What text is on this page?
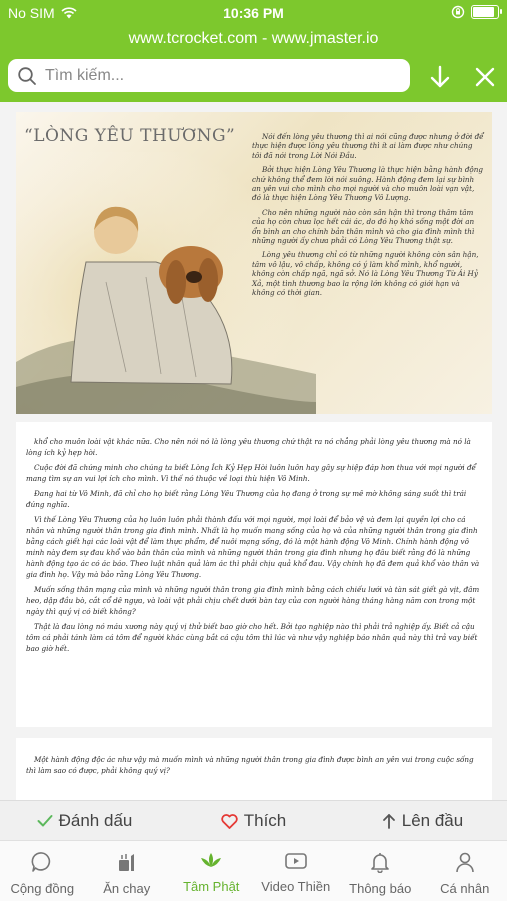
No SIM	10:36 PM
www.tcrocket.com - www.jmaster.io
Tìm kiếm...
“LÒNG YÊU THƯƠNG”	Nói đến lòng yêu thương thì ai nói cũng được nhưng ở đời để thực hiện được lòng yêu thương thì ít ai làm được như chúng tôi đã nói trong Lời Nói Đầu.

Bởi thực hiện Lòng Yêu Thương là thực hiện bằng hành động chứ không thể đem lời nói suông. Hành động đem lại sự bình an yên vui cho mình cho mọi người và cho muôn loài vạn vật, đó là thực hiện Lòng Yêu Thương Vô Lượng.

Cho nên những người nào còn sân hận thì trong thâm tâm của họ còn chưa lọc hết cái ác, do đó họ khó sống một đời an ổn bình an cho chính bản thân mình và cho gia đình mình thì những người ấy chưa phải có Lòng Yêu Thương thật sự.

Lòng yêu thương chỉ có từ những người không còn sân hận, tâm vô lậu, vô chấp, không có ý làm khổ mình, khổ người, không còn chấp ngã, ngã sở. Nó là Lòng Yêu Thương Từ Ái Hỷ Xả, một tình thương bao la rộng lớn không có giới hạn và không có thời gian.

khổ cho muôn loài vật khác nữa. Cho nên nói nó là lòng yêu thương chứ thật ra nó chẳng phải lòng yêu thương mà nó là lòng ích kỷ hẹp hòi.

Cuộc đời đã chứng minh cho chúng ta biết Lòng Ích Kỷ Hẹp Hòi luôn luôn hay gây sự hiệp đáp hơn thua với mọi người để mang tìm sự an vui lợi ích cho mình. Vì thế nó thuộc về loại thù hiện Vô Minh.

Đang hai từ Vô Minh, đã chỉ cho họ biết rằng Lòng Yêu Thương của họ đang ở trong sự mê mờ không sáng suốt thì trái đúng nghĩa.

Vì thế Lòng Yêu Thương của họ luôn luôn phải thành đấu với mọi người, mọi loài để bảo vệ và đem lại quyền lợi cho cá nhân và những người thân trong gia đình mình. Nhất là họ muốn mang sống của họ và của những người thân trong gia đình bằng cách giết hại các loài vật để làm thực phẩm, để nuôi mạng sống, đó là một hành động Vô Minh. Chính hành động vô minh này đem sự đau khổ vào bản thân của mình và những người thân trong gia đình nhưng họ đâu biết rằng đó là những hành động tạo ác có ác báo. Theo luật nhân quả làm ác thì phải chịu quả khổ đau. Vậy chính họ đã đem quả khổ vào thân và gia đình họ. Vậy mà bảo rằng Lòng Yêu Thương.

Muốn sống thân mạng của mình và những người thân trong gia đình mình bằng cách chiếu lưới và tàn sát giết gà vịt, đâm heo, dập đầu bò, cắt cổ dê ngựa, và loài vật phải chịu chết dưới bàn tay của con người hàng tháng hàng năm con trong một ngày thì quý vị có biết không?

Thật là đau lòng nó máu xương này quý vị thử biết bao giờ cho hết. Bởi tạo nghiệp nào thì phải trả nghiệp ấy. Biết cả cậu tôm cá phải tánh làm cá tôm để người khác cùng bắt cá cậu tôm thì lúc và như vậy nghiệp báo nhân quả này thì trả vay biết bao giờ hết.

Một hành động độc ác như vậy mà muốn mình và những người thân trong gia đình được bình an yên vui trong cuộc sống thì làm sao có được, phải không quý vị?

Đánh dấu	Thích	Lên đầu
Cộng đồng Ăn chay	Tâm Phật Video Thiền Thông báo Cá nhân
